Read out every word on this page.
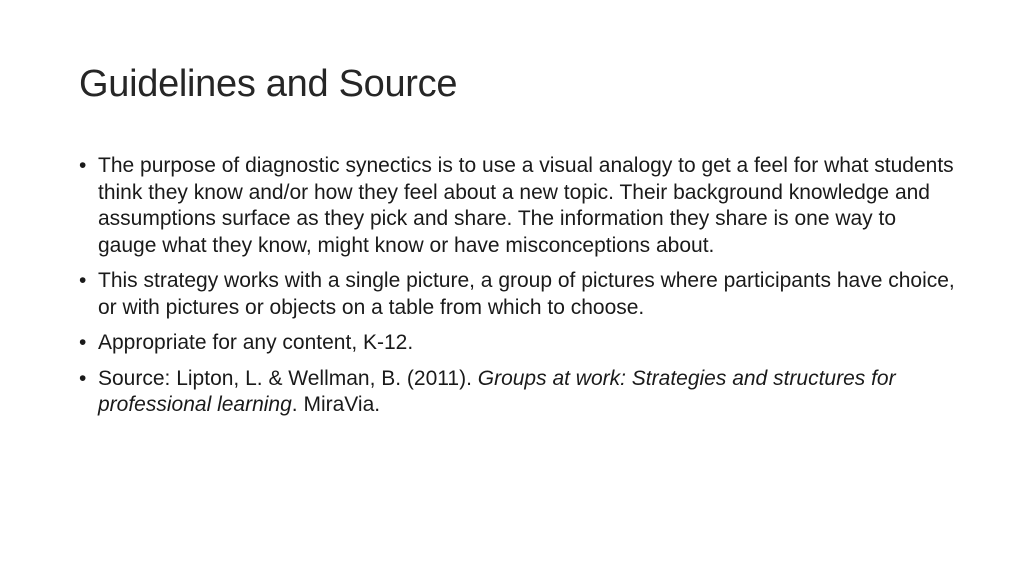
Guidelines and Source
• The purpose of diagnostic synectics is to use a visual analogy to get a feel for what students think they know and/or how they feel about a new topic. Their background knowledge and assumptions surface as they pick and share. The information they share is one way to gauge what they know, might know or have misconceptions about.
• This strategy works with a single picture, a group of pictures where participants have choice, or with pictures or objects on a table from which to choose.
• Appropriate for any content, K-12.
• Source: Lipton, L. & Wellman, B. (2011). Groups at work: Strategies and structures for professional learning. MiraVia.
